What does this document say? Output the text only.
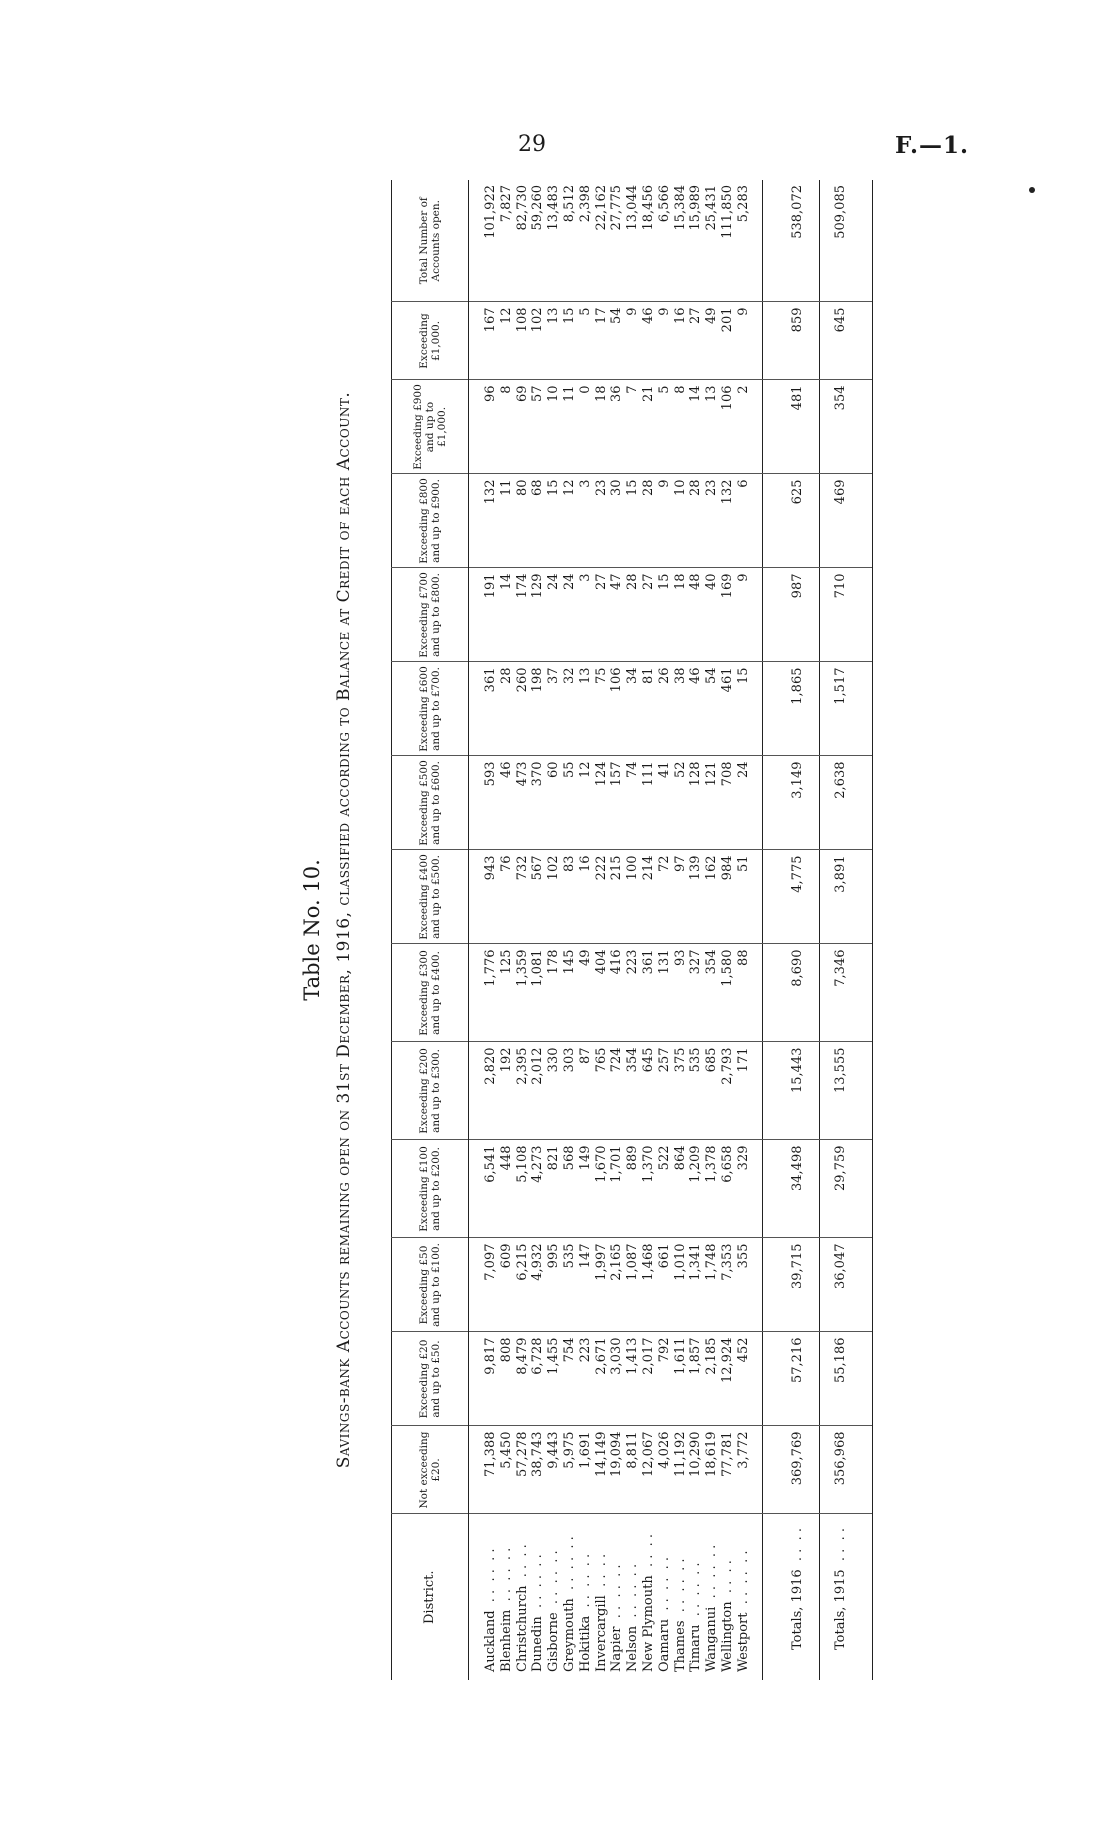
29	F.—1.
Table No. 10. Savings-bank Accounts remaining open on 31st December, 1916, classified according to Balance at Credit of each Account.
District.	Not exceeding £20.	Exceeding £20 and up to £50.	Exceeding £50 and up to £100.	Exceeding £100 and up to £200.	Exceeding £200 and up to £300.	Exceeding £300 and up to £400.	Exceeding £400 and up to £500.	Exceeding £500 and up to £600.	Exceeding £600 and up to £700.	Exceeding £700 and up to £800.	Exceeding £800 and up to £900.	Exceeding £900 and up to £1,000.	Exceeding £1,000.	Total Number of Accounts open.
Auckland  . .  . .  . .	71,388	9,817	7,097	6,541	2,820	1,776	943	593	361	191	132	96	167	101,922
Blenheim  . .  . .  . .	5,450	808	609	448	192	125	76	46	28	14	11	8	12	7,827
Christchurch  . .  . .	57,278	8,479	6,215	5,108	2,395	1,359	732	473	260	174	80	69	108	82,730
Dunedin  . .  . .  . .	38,743	6,728	4,932	4,273	2,012	1,081	567	370	198	129	68	57	102	59,260
Gisborne  . .  . .  . .	9,443	1,455	995	821	330	178	102	60	37	24	15	10	13	13,483
Greymouth  . .  . .  . .	5,975	754	535	568	303	145	83	55	32	24	12	11	15	8,512
Hokitika  . .  . .  . .	1,691	223	147	149	87	49	16	12	13	3	3	0	5	2,398
Invercargill  . .  . .	14,149	2,671	1,997	1,670	765	404	222	124	75	27	23	18	17	22,162
Napier  . .  . .  . .	19,094	3,030	2,165	1,701	724	416	215	157	106	47	30	36	54	27,775
Nelson  . .  . .  . .	8,811	1,413	1,087	889	354	223	100	74	34	28	15	7	9	13,044
New Plymouth  . .  . .	12,067	2,017	1,468	1,370	645	361	214	111	81	27	28	21	46	18,456
Oamaru  . .  . .  . .	4,026	792	661	522	257	131	72	41	26	15	9	5	9	6,566
Thames  . .  . .  . .	11,192	1,611	1,010	864	375	93	97	52	38	18	10	8	16	15,384
Timaru  . .  . .  . .	10,290	1,857	1,341	1,209	535	327	139	128	46	48	28	14	27	15,989
Wanganui  . .  . .  . .	18,619	2,185	1,748	1,378	685	354	162	121	54	40	23	13	49	25,431
Wellington  . .  . .	77,781	12,924	7,353	6,658	2,793	1,580	984	708	461	169	132	106	201	111,850
Westport  . .  . .  . .	3,772	452	355	329	171	88	51	24	15	9	6	2	9	5,283
Totals, 1916  . .  . .	369,769	57,216	39,715	34,498	15,443	8,690	4,775	3,149	1,865	987	625	481	859	538,072
Totals, 1915  . .  . .	356,968	55,186	36,047	29,759	13,555	7,346	3,891	2,638	1,517	710	469	354	645	509,085
